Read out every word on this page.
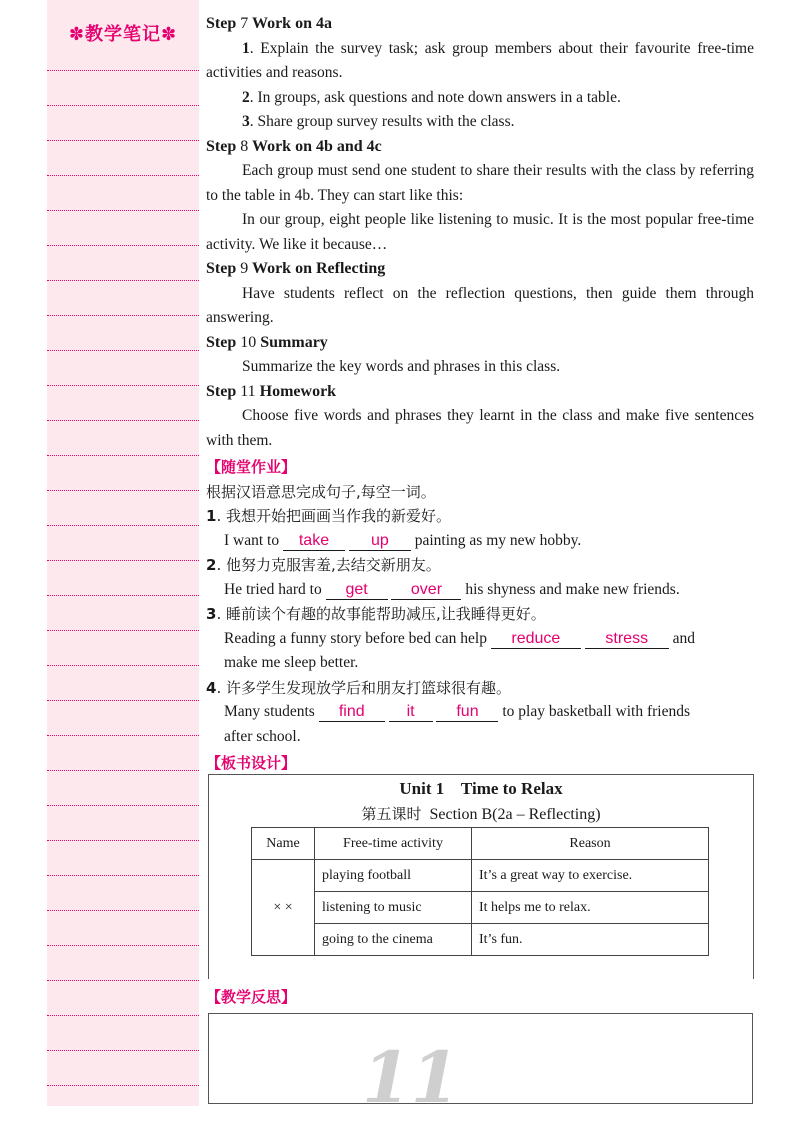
✽教学笔记✽
Step 7 Work on 4a
1. Explain the survey task; ask group members about their favourite free-time activities and reasons.
2. In groups, ask questions and note down answers in a table.
3. Share group survey results with the class.
Step 8 Work on 4b and 4c
Each group must send one student to share their results with the class by referring to the table in 4b. They can start like this:
In our group, eight people like listening to music. It is the most popular free-time activity. We like it because…
Step 9 Work on Reflecting
Have students reflect on the reflection questions, then guide them through answering.
Step 10 Summary
Summarize the key words and phrases in this class.
Step 11 Homework
Choose five words and phrases they learnt in the class and make five sentences with them.
【随堂作业】
根据汉语意思完成句子,每空一词。
1. 我想开始把画画当作我的新爱好。
I want to take	up painting as my new hobby.
2. 他努力克服害羞,去结交新朋友。
He tried hard to get	over his shyness and make new friends.
3. 睡前读个有趣的故事能帮助减压,让我睡得更好。
Reading a funny story before bed can help reduce	stress and
make me sleep better.
4. 许多学生发现放学后和朋友打篮球很有趣。
Many students find	it	fun to play basketball with friends
after school.
【板书设计】
Unit 1    Time to Relax
第五课时  Section B(2a – Reflecting)
Name	Free-time activity	Reason
× ×	playing football	It’s a great way to exercise.
	listening to music	It helps me to relax.
	going to the cinema	It’s fun.
【教学反思】
11
